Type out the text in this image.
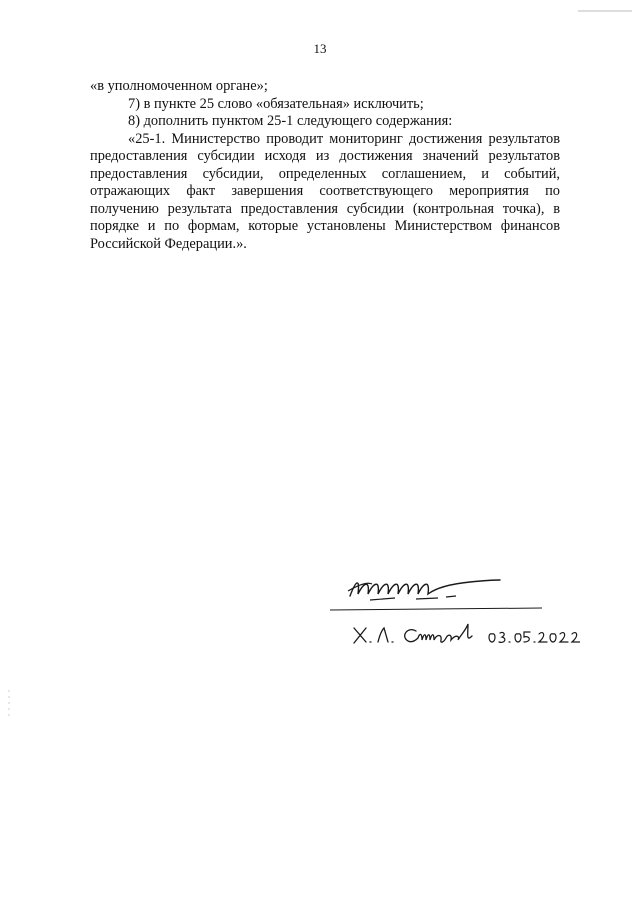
13

«в уполномоченном органе»;

7) в пункте 25 слово «обязательная» исключить;

8) дополнить пунктом 25-1 следующего содержания:

«25-1. Министерство проводит мониторинг достижения результатов предоставления субсидии исходя из достижения значений результатов предоставления субсидии, определенных соглашением, и событий, отражающих факт завершения соответствующего мероприятия по получению результата предоставления субсидии (контрольная точка), в порядке и по формам, которые установлены Министерством финансов Российской Федерации.».
